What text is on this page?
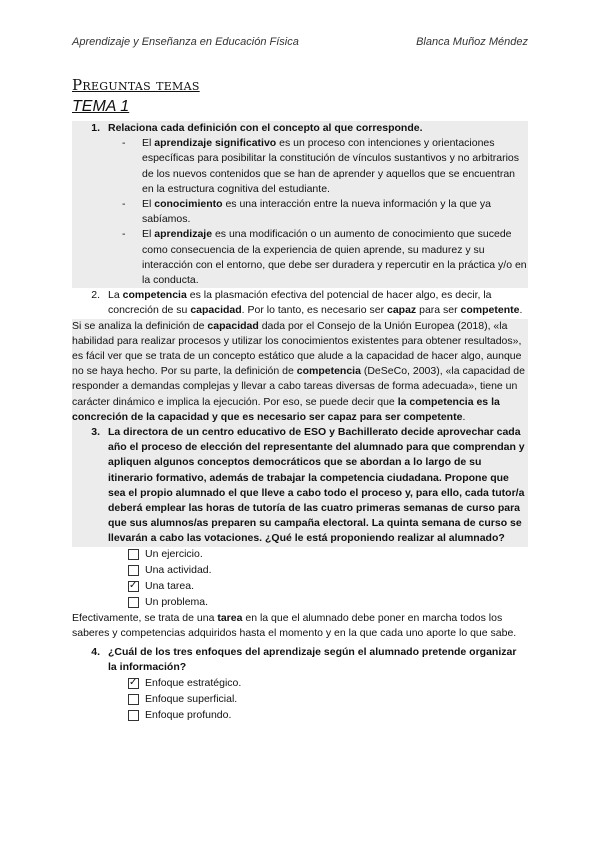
Aprendizaje y Enseñanza en Educación Física	Blanca Muñoz Méndez
Preguntas temas
TEMA 1
1. Relaciona cada definición con el concepto al que corresponde.
-	El aprendizaje significativo es un proceso con intenciones y orientaciones específicas para posibilitar la constitución de vínculos sustantivos y no arbitrarios de los nuevos contenidos que se han de aprender y aquellos que se encuentran en la estructura cognitiva del estudiante.
-	El conocimiento es una interacción entre la nueva información y la que ya sabíamos.
-	El aprendizaje es una modificación o un aumento de conocimiento que sucede como consecuencia de la experiencia de quien aprende, su madurez y su interacción con el entorno, que debe ser duradera y repercutir en la práctica y/o en la conducta.
2. La competencia es la plasmación efectiva del potencial de hacer algo, es decir, la concreción de su capacidad. Por lo tanto, es necesario ser capaz para ser competente.

Si se analiza la definición de capacidad dada por el Consejo de la Unión Europea (2018), «la habilidad para realizar procesos y utilizar los conocimientos existentes para obtener resultados», es fácil ver que se trata de un concepto estático que alude a la capacidad de hacer algo, aunque no se haya hecho. Por su parte, la definición de competencia (DeSeCo, 2003), «la capacidad de responder a demandas complejas y llevar a cabo tareas diversas de forma adecuada», tiene un carácter dinámico e implica la ejecución. Por eso, se puede decir que la competencia es la concreción de la capacidad y que es necesario ser capaz para ser competente.

3. La directora de un centro educativo de ESO y Bachillerato decide aprovechar cada año el proceso de elección del representante del alumnado para que comprendan y apliquen algunos conceptos democráticos que se abordan a lo largo de su itinerario formativo, además de trabajar la competencia ciudadana. Propone que sea el propio alumnado el que lleve a cabo todo el proceso y, para ello, cada tutor/a deberá emplear las horas de tutoría de las cuatro primeras semanas de curso para que sus alumnos/as preparen su campaña electoral. La quinta semana de curso se llevarán a cabo las votaciones. ¿Qué le está proponiendo realizar al alumnado?
Un ejercicio.
Una actividad.
✓
Una tarea.
Un problema.

Efectivamente, se trata de una tarea en la que el alumnado debe poner en marcha todos los saberes y competencias adquiridos hasta el momento y en la que cada uno aporte lo que sabe.

4. ¿Cuál de los tres enfoques del aprendizaje según el alumnado pretende organizar la información?
✓
Enfoque estratégico.
Enfoque superficial.
Enfoque profundo.
